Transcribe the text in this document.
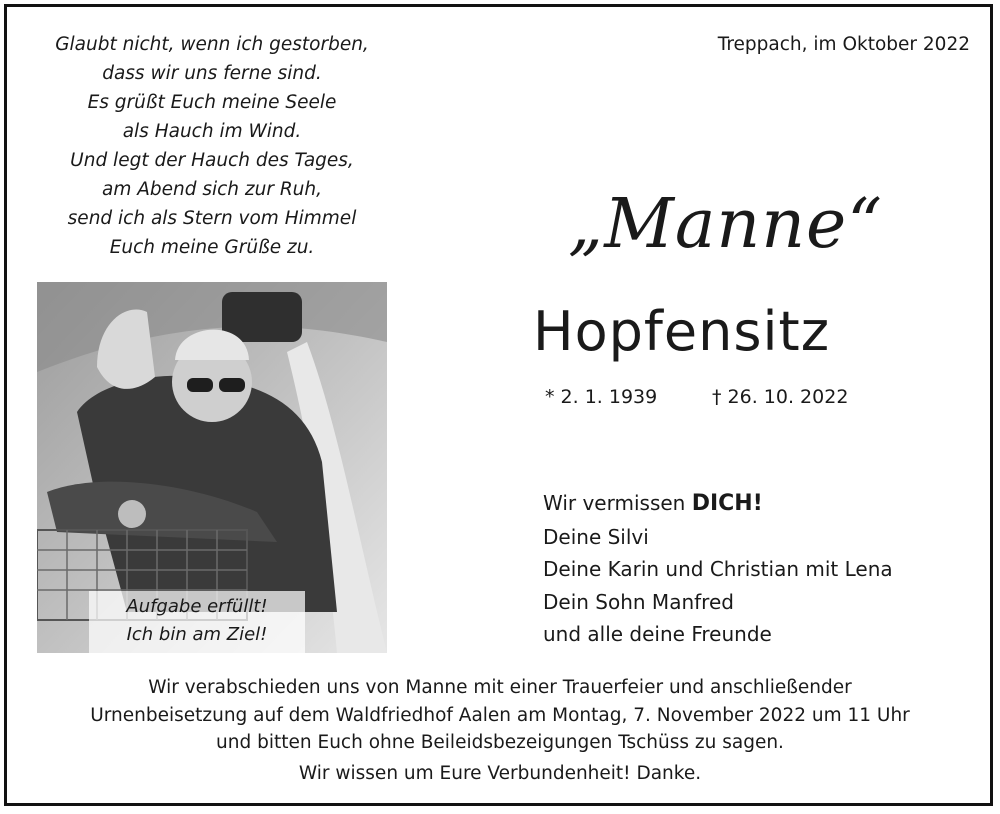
Glaubt nicht, wenn ich gestorben,
dass wir uns ferne sind.
Es grüßt Euch meine Seele
als Hauch im Wind.
Und legt der Hauch des Tages,
am Abend sich zur Ruh,
send ich als Stern vom Himmel
Euch meine Grüße zu.
Treppach, im Oktober 2022
„Manne“
Hopfensitz
* 2. 1. 1939	† 26. 10. 2022
Aufgabe erfüllt!
Ich bin am Ziel!
Wir vermissen DICH!
Deine Silvi
Deine Karin und Christian mit Lena
Dein Sohn Manfred
und alle deine Freunde
Wir verabschieden uns von Manne mit einer Trauerfeier und anschließender
Urnenbeisetzung auf dem Waldfriedhof Aalen am Montag, 7. November 2022 um 11 Uhr
und bitten Euch ohne Beileidsbezeigungen Tschüss zu sagen.
Wir wissen um Eure Verbundenheit! Danke.
